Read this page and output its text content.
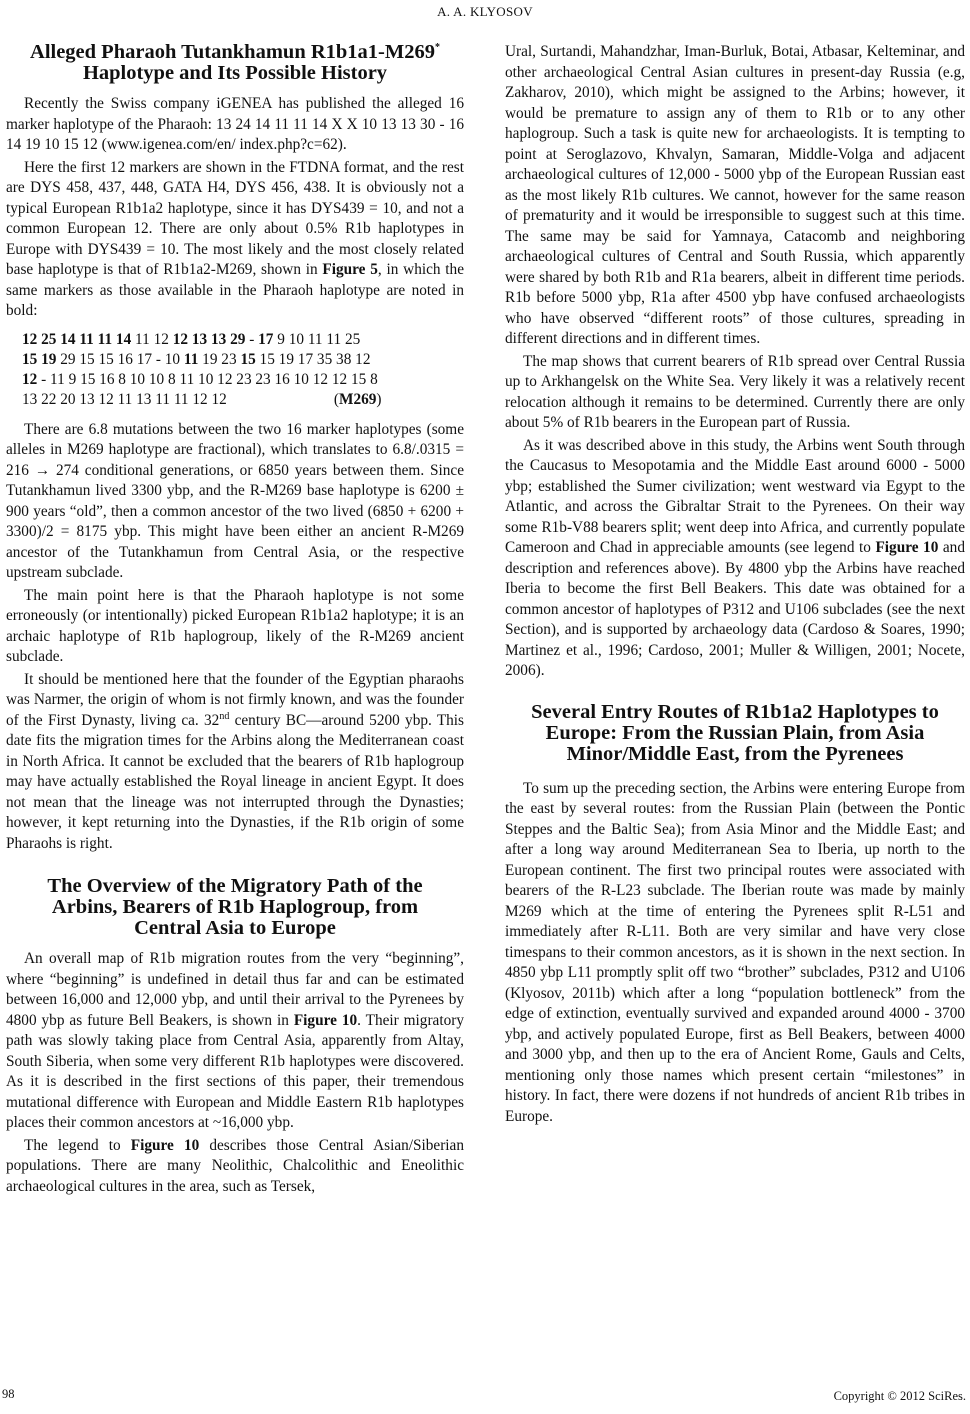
A. A. KLYOSOV
Alleged Pharaoh Tutankhamun R1b1a1-M269*
Haplotype and Its Possible History

Recently the Swiss company iGENEA has published the alleged 16 marker haplotype of the Pharaoh: 13 24 14 11 11 14 X X 10 13 13 30 - 16 14 19 10 15 12 (www.igenea.com/en/ index.php?c=62).

Here the first 12 markers are shown in the FTDNA format, and the rest are DYS 458, 437, 448, GATA H4, DYS 456, 438. It is obviously not a typical European R1b1a2 haplotype, since it has DYS439 = 10, and not a common European 12. There are only about 0.5% R1b haplotypes in Europe with DYS439 = 10. The most likely and the most closely related base haplotype is that of R1b1a2-M269, shown in Figure 5, in which the same markers as those available in the Pharaoh haplotype are noted in bold:

12 25 14 11 11 14 11 12 12 13 13 29 - 17 9 10 11 11 25
15 19 29 15 15 16 17 - 10 11 19 23 15 15 19 17 35 38 12
12 - 11 9 15 16 8 10 10 8 11 10 12 23 23 16 10 12 12 15 8
13 22 20 13 12 11 13 11 11 12 12	(M269)

There are 6.8 mutations between the two 16 marker haplotypes (some alleles in M269 haplotype are fractional), which translates to 6.8/.0315 = 216 → 274 conditional generations, or 6850 years between them. Since Tutankhamun lived 3300 ybp, and the R-M269 base haplotype is 6200 ± 900 years “old”, then a common ancestor of the two lived (6850 + 6200 + 3300)/2 = 8175 ybp. This might have been either an ancient R-M269 ancestor of the Tutankhamun from Central Asia, or the respective upstream subclade.

The main point here is that the Pharaoh haplotype is not some erroneously (or intentionally) picked European R1b1a2 haplotype; it is an archaic haplotype of R1b haplogroup, likely of the R-M269 ancient subclade.

It should be mentioned here that the founder of the Egyptian pharaohs was Narmer, the origin of whom is not firmly known, and was the founder of the First Dynasty, living ca. 32nd century BC—around 5200 ybp. This date fits the migration times for the Arbins along the Mediterranean coast in North Africa. It cannot be excluded that the bearers of R1b haplogroup may have actually established the Royal lineage in ancient Egypt. It does not mean that the lineage was not interrupted through the Dynasties; however, it kept returning into the Dynasties, if the R1b origin of some Pharaohs is right.

The Overview of the Migratory Path of the
Arbins, Bearers of R1b Haplogroup, from
Central Asia to Europe

An overall map of R1b migration routes from the very “beginning”, where “beginning” is undefined in detail thus far and can be estimated between 16,000 and 12,000 ybp, and until their arrival to the Pyrenees by 4800 ybp as future Bell Beakers, is shown in Figure 10. Their migratory path was slowly taking place from Central Asia, apparently from Altay, South Siberia, when some very different R1b haplotypes were discovered. As it is described in the first sections of this paper, their tremendous mutational difference with European and Middle Eastern R1b haplotypes places their common ancestors at ~16,000 ybp.

The legend to Figure 10 describes those Central Asian/Siberian populations. There are many Neolithic, Chalcolithic and Eneolithic archaeological cultures in the area, such as Tersek,

Ural, Surtandi, Mahandzhar, Iman-Burluk, Botai, Atbasar, Kelteminar, and other archaeological Central Asian cultures in present-day Russia (e.g, Zakharov, 2010), which might be assigned to the Arbins; however, it would be premature to assign any of them to R1b or to any other haplogroup. Such a task is quite new for archaeologists. It is tempting to point at Seroglazovo, Khvalyn, Samaran, Middle-Volga and adjacent archaeological cultures of 12,000 - 5000 ybp of the European Russian east as the most likely R1b cultures. We cannot, however for the same reason of prematurity and it would be irresponsible to suggest such at this time. The same may be said for Yamnaya, Catacomb and neighboring archaeological cultures of Central and South Russia, which apparently were shared by both R1b and R1a bearers, albeit in different time periods. R1b before 5000 ybp, R1a after 4500 ybp have confused archaeologists who have observed “different roots” of those cultures, spreading in different directions and in different times.

The map shows that current bearers of R1b spread over Central Russia up to Arkhangelsk on the White Sea. Very likely it was a relatively recent relocation although it remains to be determined. Currently there are only about 5% of R1b bearers in the European part of Russia.

As it was described above in this study, the Arbins went South through the Caucasus to Mesopotamia and the Middle East around 6000 - 5000 ybp; established the Sumer civilization; went westward via Egypt to the Atlantic, and across the Gibraltar Strait to the Pyrenees. On their way some R1b-V88 bearers split; went deep into Africa, and currently populate Cameroon and Chad in appreciable amounts (see legend to Figure 10 and description and references above). By 4800 ybp the Arbins have reached Iberia to become the first Bell Beakers. This date was obtained for a common ancestor of haplotypes of P312 and U106 subclades (see the next Section), and is supported by archaeology data (Cardoso & Soares, 1990; Martinez et al., 1996; Cardoso, 2001; Muller & Willigen, 2001; Nocete, 2006).

Several Entry Routes of R1b1a2 Haplotypes to
Europe: From the Russian Plain, from Asia
Minor/Middle East, from the Pyrenees

To sum up the preceding section, the Arbins were entering Europe from the east by several routes: from the Russian Plain (between the Pontic Steppes and the Baltic Sea); from Asia Minor and the Middle East; and after a long way around Mediterranean Sea to Iberia, up north to the European continent. The first two principal routes were associated with bearers of the R-L23 subclade. The Iberian route was made by mainly M269 which at the time of entering the Pyrenees split R-L51 and immediately after R-L11. Both are very similar and have very close timespans to their common ancestors, as it is shown in the next section. In 4850 ybp L11 promptly split off two “brother” subclades, P312 and U106 (Klyosov, 2011b) which after a long “population bottleneck” from the edge of extinction, eventually survived and expanded around 4000 - 3700 ybp, and actively populated Europe, first as Bell Beakers, between 4000 and 3000 ybp, and then up to the era of Ancient Rome, Gauls and Celts, mentioning only those names which present certain “milestones” in history. In fact, there were dozens if not hundreds of ancient R1b tribes in Europe.

98	Copyright © 2012 SciRes.
